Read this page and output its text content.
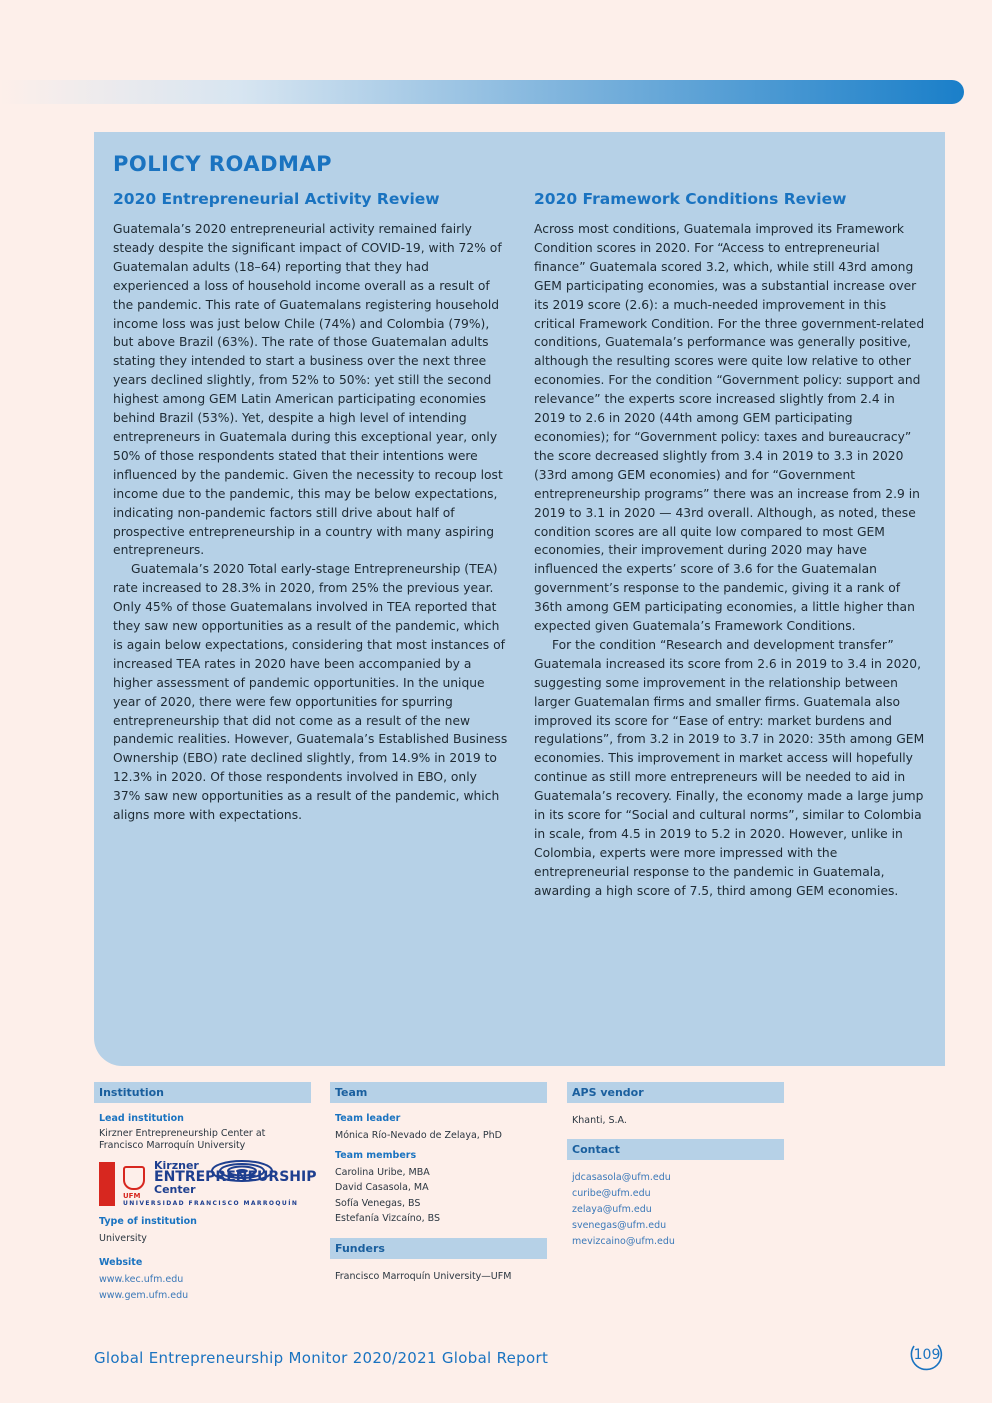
POLICY ROADMAP
2020 Entrepreneurial Activity Review

Guatemala’s 2020 entrepreneurial activity remained fairly steady despite the significant impact of COVID-19, with 72% of Guatemalan adults (18–64) reporting that they had experienced a loss of household income overall as a result of the pandemic. This rate of Guatemalans registering household income loss was just below Chile (74%) and Colombia (79%), but above Brazil (63%). The rate of those Guatemalan adults stating they intended to start a business over the next three years declined slightly, from 52% to 50%: yet still the second highest among GEM Latin American participating economies behind Brazil (53%). Yet, despite a high level of intending entrepreneurs in Guatemala during this exceptional year, only 50% of those respondents stated that their intentions were influenced by the pandemic. Given the necessity to recoup lost income due to the pandemic, this may be below expectations, indicating non-pandemic factors still drive about half of prospective entrepreneurship in a country with many aspiring entrepreneurs.

Guatemala’s 2020 Total early-stage Entrepreneurship (TEA) rate increased to 28.3% in 2020, from 25% the previous year. Only 45% of those Guatemalans involved in TEA reported that they saw new opportunities as a result of the pandemic, which is again below expectations, considering that most instances of increased TEA rates in 2020 have been accompanied by a higher assessment of pandemic opportunities. In the unique year of 2020, there were few opportunities for spurring entrepreneurship that did not come as a result of the new pandemic realities. However, Guatemala’s Established Business Ownership (EBO) rate declined slightly, from 14.9% in 2019 to 12.3% in 2020. Of those respondents involved in EBO, only 37% saw new opportunities as a result of the pandemic, which aligns more with expectations.

2020 Framework Conditions Review

Across most conditions, Guatemala improved its Framework Condition scores in 2020. For “Access to entrepreneurial finance” Guatemala scored 3.2, which, while still 43rd among GEM participating economies, was a substantial increase over its 2019 score (2.6): a much-needed improvement in this critical Framework Condition. For the three government-related conditions, Guatemala’s performance was generally positive, although the resulting scores were quite low relative to other economies. For the condition “Government policy: support and relevance” the experts score increased slightly from 2.4 in 2019 to 2.6 in 2020 (44th among GEM participating economies); for “Government policy: taxes and bureaucracy” the score decreased slightly from 3.4 in 2019 to 3.3 in 2020 (33rd among GEM economies) and for “Government entrepreneurship programs” there was an increase from 2.9 in 2019 to 3.1 in 2020 — 43rd overall. Although, as noted, these condition scores are all quite low compared to most GEM economies, their improvement during 2020 may have influenced the experts’ score of 3.6 for the Guatemalan government’s response to the pandemic, giving it a rank of 36th among GEM participating economies, a little higher than expected given Guatemala’s Framework Conditions.

For the condition “Research and development transfer” Guatemala increased its score from 2.6 in 2019 to 3.4 in 2020, suggesting some improvement in the relationship between larger Guatemalan firms and smaller firms. Guatemala also improved its score for “Ease of entry: market burdens and regulations”, from 3.2 in 2019 to 3.7 in 2020: 35th among GEM economies. This improvement in market access will hopefully continue as still more entrepreneurs will be needed to aid in Guatemala’s recovery. Finally, the economy made a large jump in its score for “Social and cultural norms”, similar to Colombia in scale, from 4.5 in 2019 to 5.2 in 2020. However, unlike in Colombia, experts were more impressed with the entrepreneurial response to the pandemic in Guatemala, awarding a high score of 7.5, third among GEM economies.

Institution

Lead institution

Kirzner Entrepreneurship Center at

Francisco Marroquín University

UFM
Kirzner
ENTREPRENEURSHIP
Center
UNIVERSIDAD FRANCISCO MARROQUÍN

Type of institution

University

Website

www.kec.ufm.edu

www.gem.ufm.edu

Team

Team leader

Mónica Río-Nevado de Zelaya, PhD

Team members

Carolina Uribe, MBA

David Casasola, MA

Sofía Venegas, BS

Estefanía Vizcaíno, BS

Funders

Francisco Marroquín University—UFM

APS vendor

Khanti, S.A.

Contact

jdcasasola@ufm.edu

curibe@ufm.edu

zelaya@ufm.edu

svenegas@ufm.edu

mevizcaino@ufm.edu

Global Entrepreneurship Monitor 2020/2021 Global Report	109
